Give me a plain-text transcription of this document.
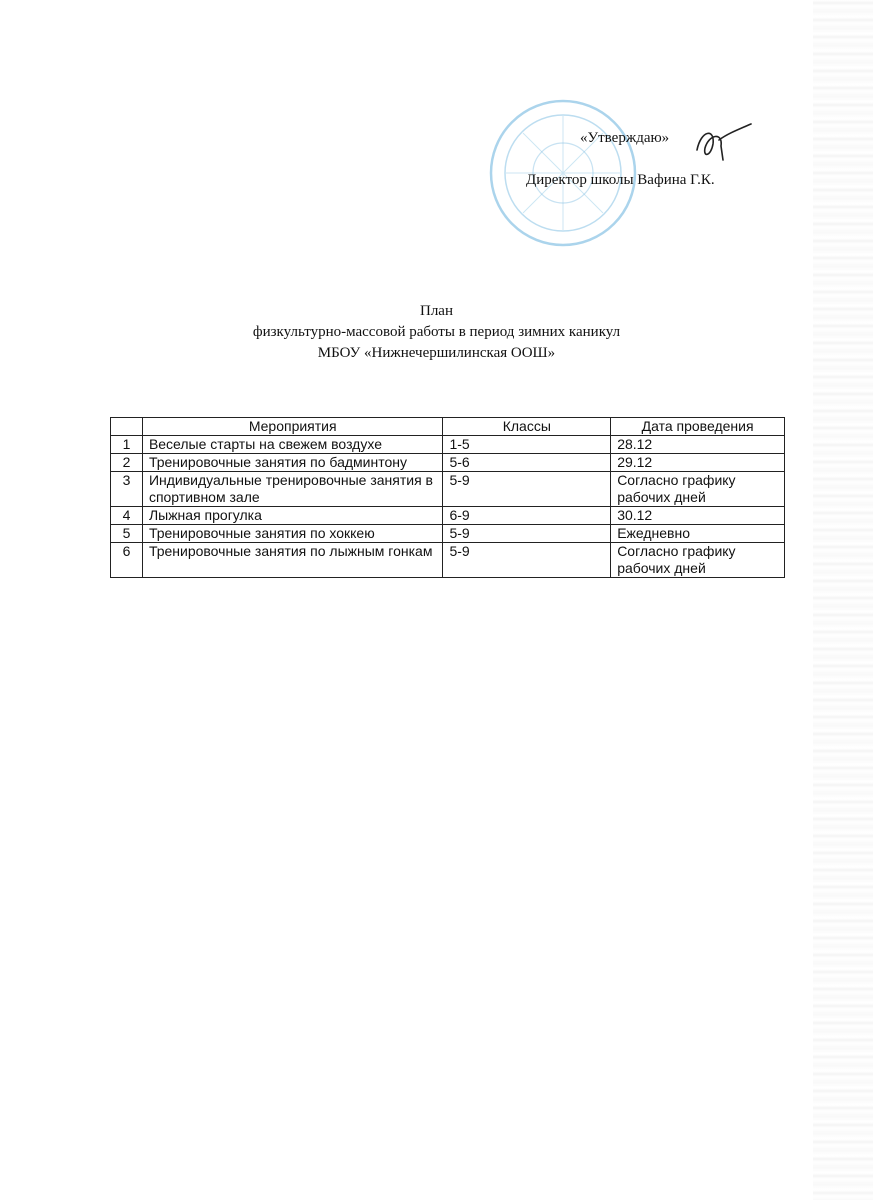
«Утверждаю»
Директор школы Вафина Г.К.
План
физкультурно-массовой работы в период зимних каникул
МБОУ «Нижнечершилинская ООШ»
	Мероприятия	Классы	Дата проведения
1	Веселые старты на свежем воздухе	1-5	28.12
2	Тренировочные занятия по бадминтону	5-6	29.12
3	Индивидуальные тренировочные занятия в спортивном зале	5-9	Согласно графику рабочих дней
4	Лыжная прогулка	6-9	30.12
5	Тренировочные занятия по хоккею	5-9	Ежедневно
6	Тренировочные занятия по лыжным гонкам	5-9	Согласно графику рабочих дней
